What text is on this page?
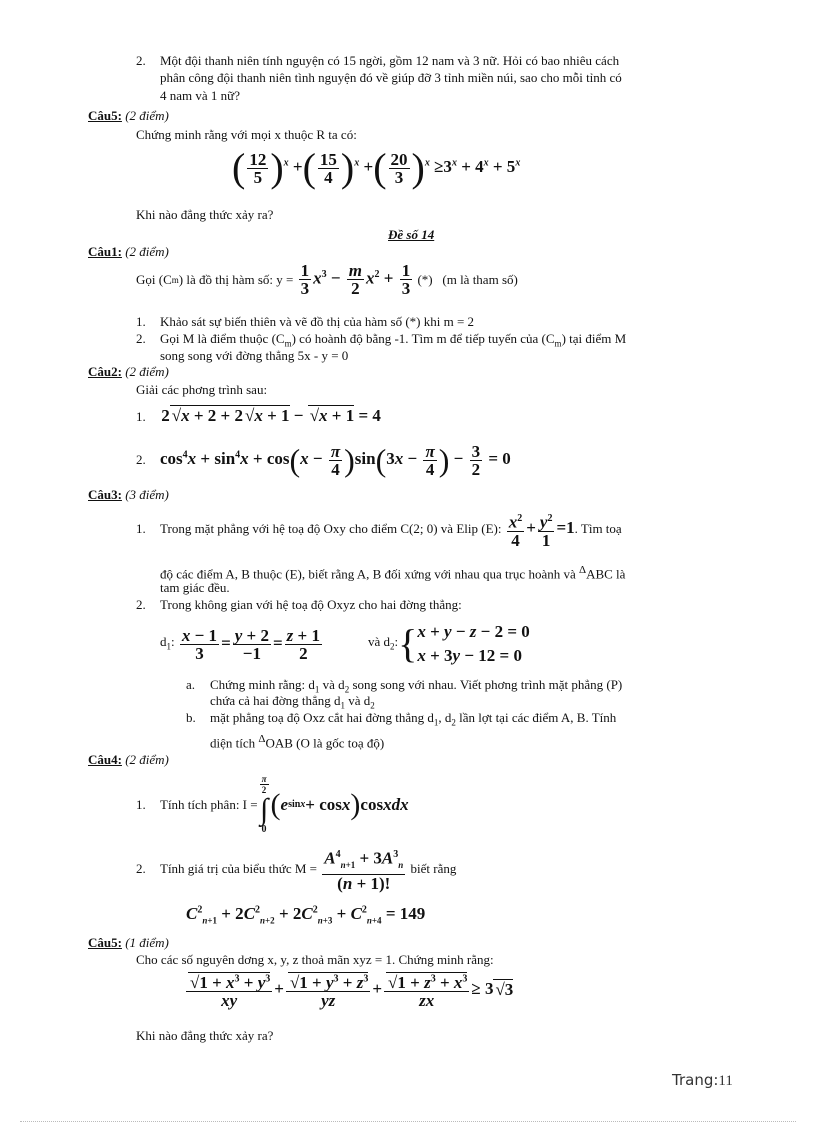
2. Một đội thanh niên tính nguyện có 15 ngời, gồm 12 nam và 3 nữ. Hỏi có bao nhiêu cách
phân công đội thanh niên tình nguyện đó về giúp đỡ 3 tỉnh miền núi, sao cho mỗi tỉnh có
4 nam và 1 nữ?
Câu5: (2 điểm)
Chứng minh rằng với mọi x thuộc R ta có:
( $\frac{12}{5} )^x$ +( $\frac{15}{4} )^x$ +( $\frac{20}{3} )^x \ge 3^x + 4^x + 5^x$
Khi nào đẳng thức xảy ra?
Đề số 14
Câu1: (2 điểm)
Gọi (C m ) là đồ thị hàm số: y =
$\frac{1}{3} x^3 - \frac{m}{2} x^2 + \frac{1}{3}$
(*)
(m là tham số)
1. Khảo sát sự biến thiên và vẽ đồ thị của hàm số (*) khi m = 2
2. Gọi M là điểm thuộc $(C_m)$ có hoành độ bằng -1. Tìm m để tiếp tuyến của $(C_m)$ tại điểm M
song song với đờng thẳng 5x - y = 0
Câu2: (2 điểm)
Giải các phơng trình sau:
1. 2 √x + 2 + 2 √x + 1 − √x + 1 = 4
2. $\cos^4x + \sin^4x + \cos(x - \frac{\pi}{4} )\sin(3x - \frac{\pi}{4}$ ) − $\frac{3}{2} = 0$
Câu3: (3 điểm)
1.	Trong mặt phẳng với hệ toạ độ Oxy cho điểm C(2; 0) và Elip (E):
$\frac{x^2}{4} + \frac{y^2}{1} =1$ . Tìm toạ
độ các điểm A, B thuộc (E), biết rằng A, B đối xứng với nhau qua trục hoành và $^\Delta$ABC là
tam giác đều.
2. Trong không gian với hệ toạ độ Oxyz cho hai đờng thẳng:
$d_1$:
$\frac{x - 1}{3} = \frac{y + 2}{-1} = \frac{z + 1}{2}$	và $d_2$: { x + y − z − 2 = 0
x + 3y − 12 = 0
a. Chứng minh rằng: $d_1$ và $d_2$ song song với nhau. Viết phơng trình mặt phẳng (P)
chứa cả hai đờng thẳng $d_1$ và $d_2$
b. mặt phẳng toạ độ Oxz cắt hai đờng thẳng $d_1$, $d_2$ lần lợt tại các điểm A, B. Tính
diện tích $^\Delta$OAB (O là gốc toạ độ)
Câu4: (2 điểm)
1.	Tính tích phân: I =
$\frac{\pi}{2}$
∫
0
( e sinx + cos x ) cos xdx
2.	Tính giá trị của biểu thức M =
$\frac{A^4_{n+1} + 3A^3_n}{(n + 1)!}$
biết rằng
$C^2_{n+1} + 2C^2_{n+2} + 2C^2_{n+3} + C^2_{n+4} = 149$
Câu5: (1 điểm)
Cho các số nguyên dơng x, y, z thoả mãn xyz = 1. Chứng minh rằng:
$\frac{√1 + x^3 + y^3}{xy} + \frac{√1 + y^3 + z^3}{yz} + \frac{√1 + z^3 + x^3}{zx} \ge 3$ √3
Khi nào đẳng thức xảy ra?
Trang:11
